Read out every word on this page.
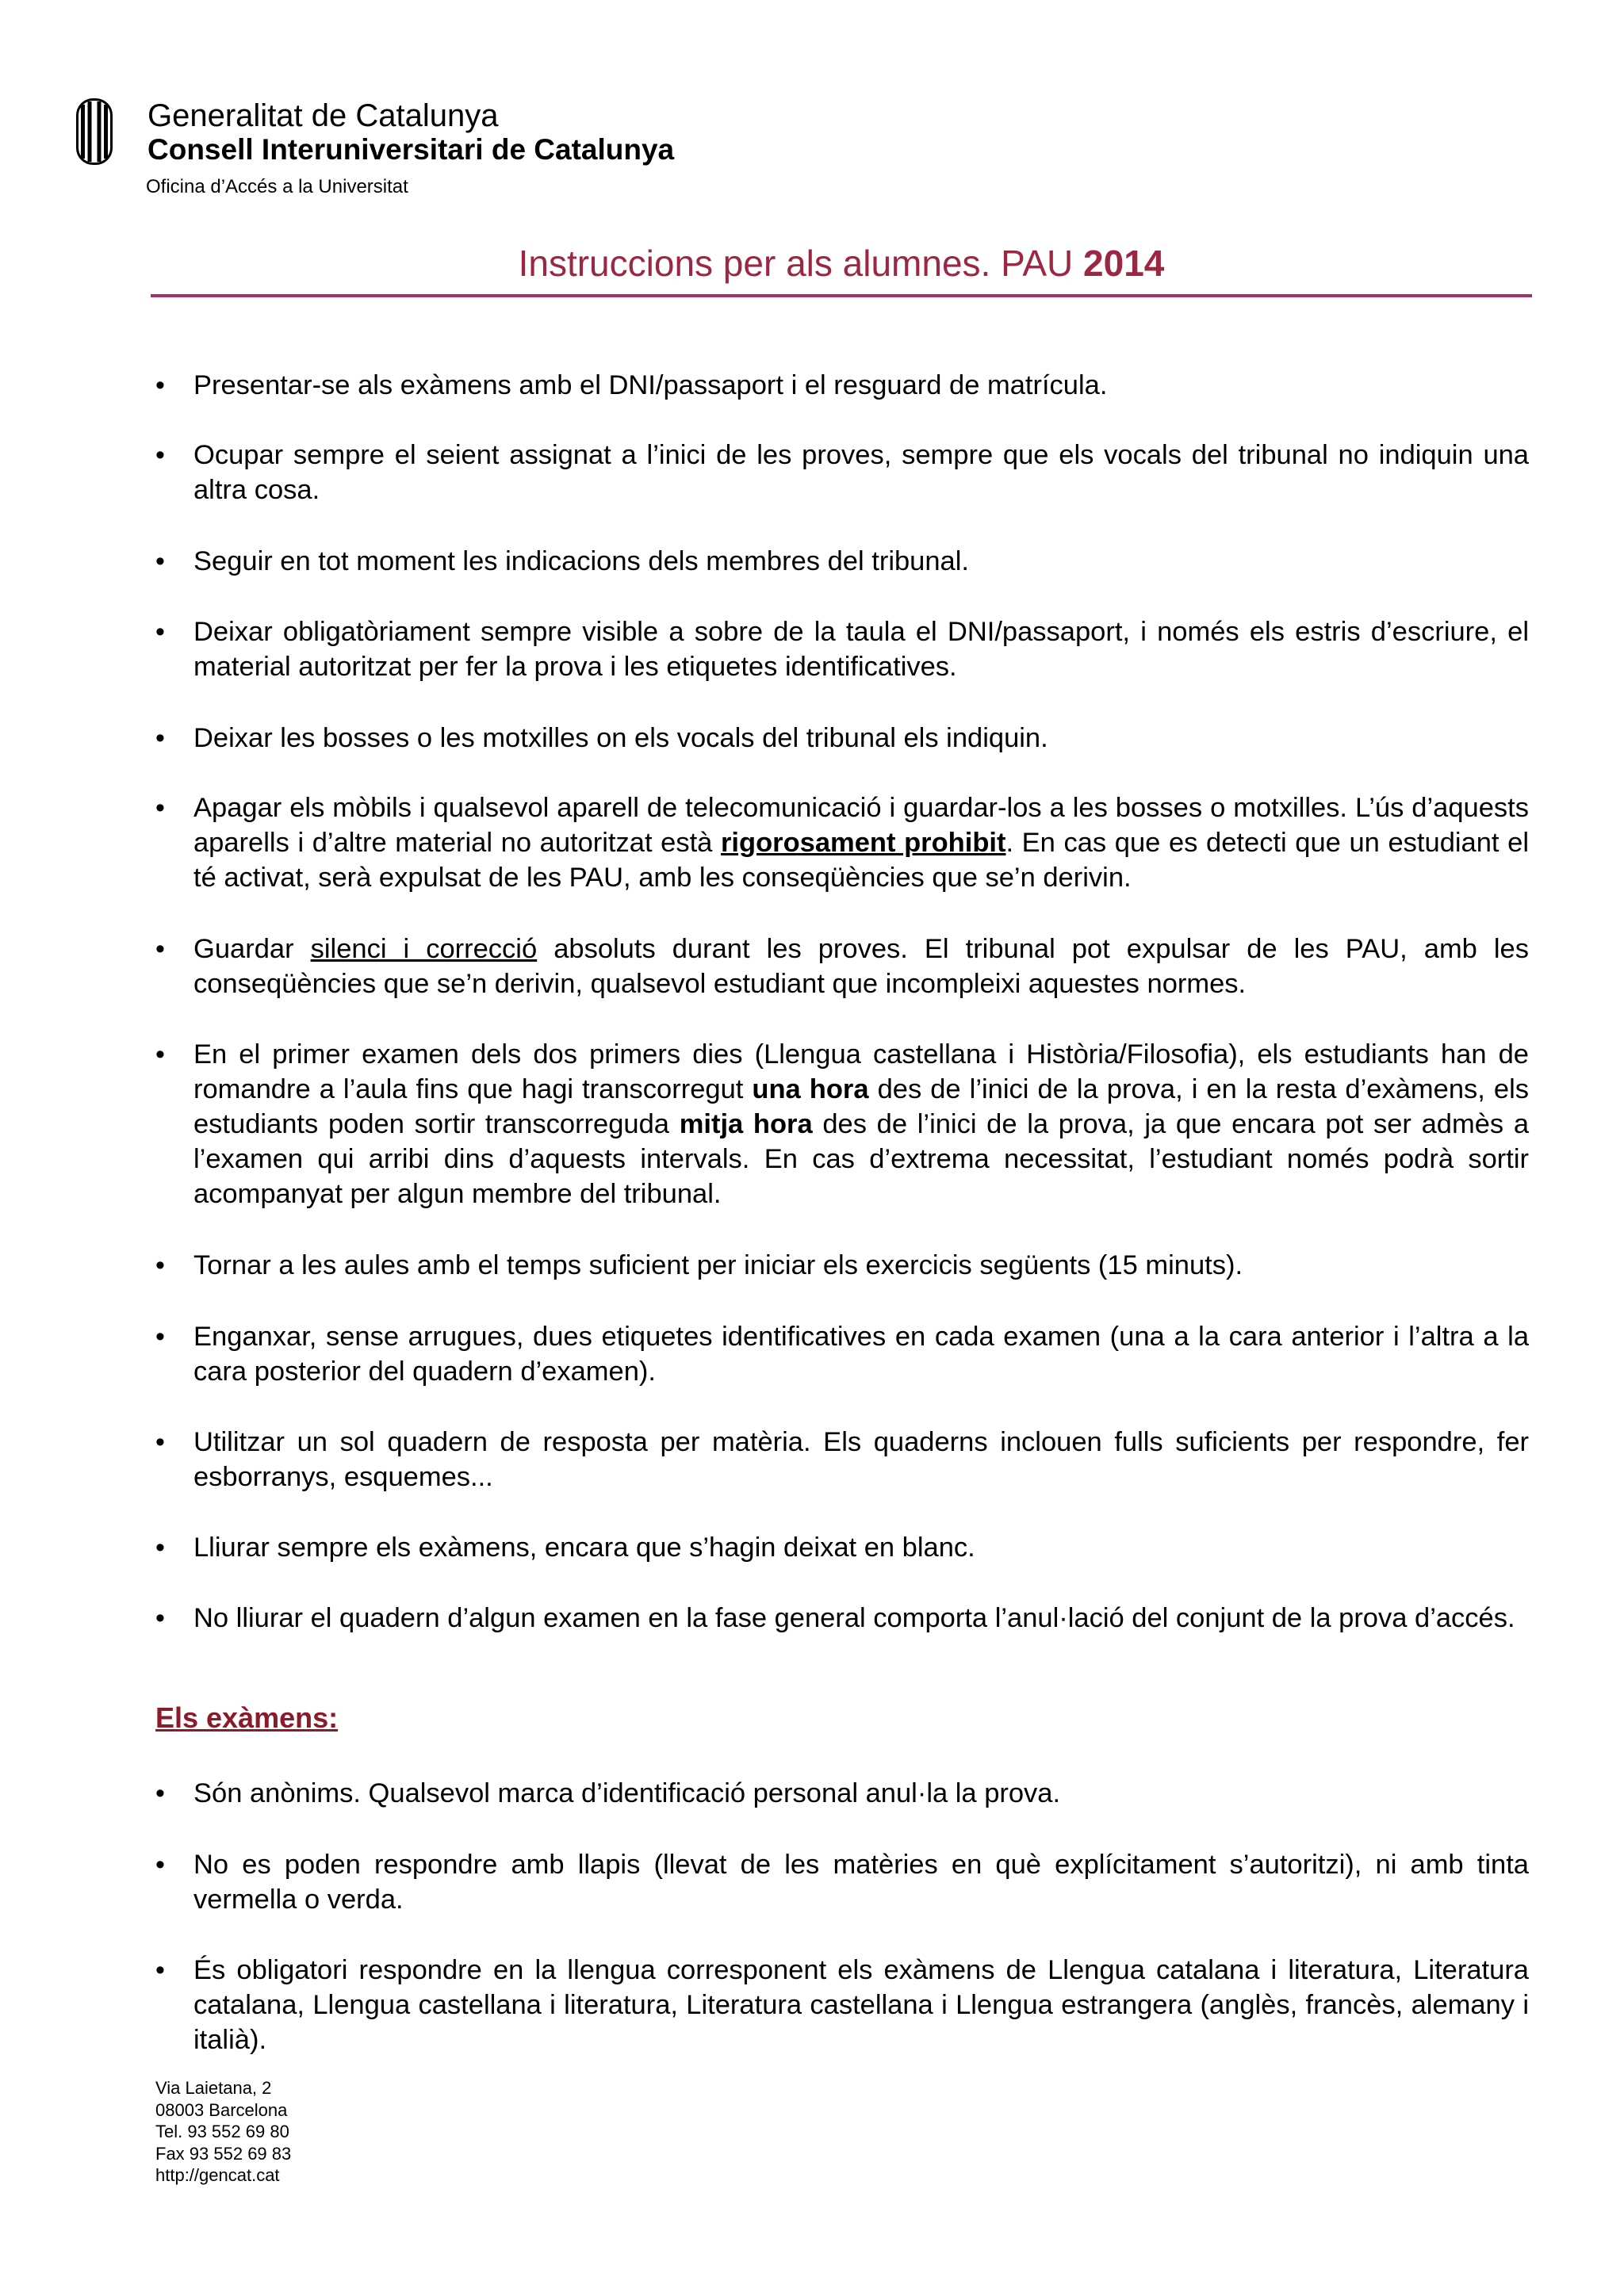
Generalitat de Catalunya
Consell Interuniversitari de Catalunya
Oficina d’Accés a la Universitat
Instruccions per als alumnes. PAU 2014
• Presentar-se als exàmens amb el DNI/passaport i el resguard de matrícula.
• Ocupar sempre el seient assignat a l’inici de les proves, sempre que els vocals del tribunal no indiquin una altra cosa.
• Seguir en tot moment les indicacions dels membres del tribunal.
• Deixar obligatòriament sempre visible a sobre de la taula el DNI/passaport, i només els estris d’escriure, el material autoritzat per fer la prova i les etiquetes identificatives.
• Deixar les bosses o les motxilles on els vocals del tribunal els indiquin.
• Apagar els mòbils i qualsevol aparell de telecomunicació i guardar-los a les bosses o motxilles. L’ús d’aquests aparells i d’altre material no autoritzat està rigorosament prohibit. En cas que es detecti que un estudiant el té activat, serà expulsat de les PAU, amb les conseqüències que se’n derivin.
• Guardar silenci i correcció absoluts durant les proves. El tribunal pot expulsar de les PAU, amb les conseqüències que se’n derivin, qualsevol estudiant que incompleixi aquestes normes.
• En el primer examen dels dos primers dies (Llengua castellana i Història/Filosofia), els estudiants han de romandre a l’aula fins que hagi transcorregut una hora des de l’inici de la prova, i en la resta d’exàmens, els estudiants poden sortir transcorreguda mitja hora des de l’inici de la prova, ja que encara pot ser admès a l’examen qui arribi dins d’aquests intervals. En cas d’extrema necessitat, l’estudiant només podrà sortir acompanyat per algun membre del tribunal.
• Tornar a les aules amb el temps suficient per iniciar els exercicis següents (15 minuts).
• Enganxar, sense arrugues, dues etiquetes identificatives en cada examen (una a la cara anterior i l’altra a la cara posterior del quadern d’examen).
• Utilitzar un sol quadern de resposta per matèria. Els quaderns inclouen fulls suficients per respondre, fer esborranys, esquemes...
• Lliurar sempre els exàmens, encara que s’hagin deixat en blanc.
• No lliurar el quadern d’algun examen en la fase general comporta l’anul·lació del conjunt de la prova d’accés.
Els exàmens:
• Són anònims. Qualsevol marca d’identificació personal anul·la la prova.
• No es poden respondre amb llapis (llevat de les matèries en què explícitament s’autoritzi), ni amb tinta vermella o verda.
• És obligatori respondre en la llengua corresponent els exàmens de Llengua catalana i literatura, Literatura catalana, Llengua castellana i literatura, Literatura castellana i Llengua estrangera (anglès, francès, alemany i italià).
Via Laietana, 2
08003 Barcelona
Tel. 93 552 69 80
Fax 93 552 69 83
http://gencat.cat
